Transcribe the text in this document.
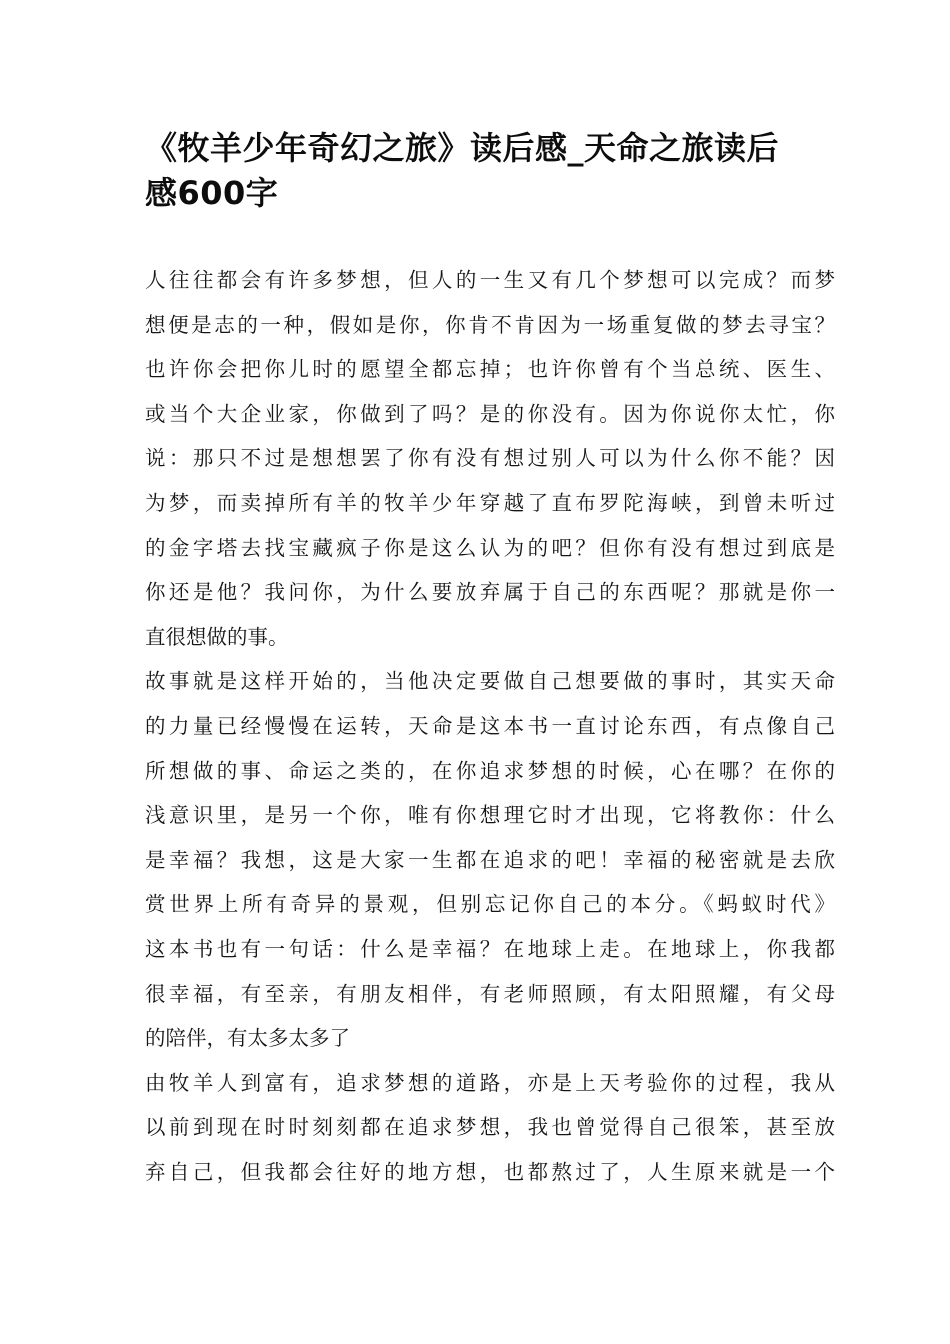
《牧羊少年奇幻之旅》读后感_天命之旅读后
感600字
人往往都会有许多梦想，但人的一生又有几个梦想可以完成？而梦
想便是志的一种，假如是你，你肯不肯因为一场重复做的梦去寻宝？
也许你会把你儿时的愿望全都忘掉；也许你曾有个当总统、医生、
或当个大企业家，你做到了吗？是的你没有。因为你说你太忙，你
说：那只不过是想想罢了你有没有想过别人可以为什么你不能？因
为梦，而卖掉所有羊的牧羊少年穿越了直布罗陀海峡，到曾未听过
的金字塔去找宝藏疯子你是这么认为的吧？但你有没有想过到底是
你还是他？我问你，为什么要放弃属于自己的东西呢？那就是你一
直很想做的事。
故事就是这样开始的，当他决定要做自己想要做的事时，其实天命
的力量已经慢慢在运转，天命是这本书一直讨论东西，有点像自己
所想做的事、命运之类的，在你追求梦想的时候，心在哪？在你的
浅意识里，是另一个你，唯有你想理它时才出现，它将教你：什么
是幸福？我想，这是大家一生都在追求的吧！幸福的秘密就是去欣
赏世界上所有奇异的景观，但别忘记你自己的本分。《蚂蚁时代》
这本书也有一句话：什么是幸福？在地球上走。在地球上，你我都
很幸福，有至亲，有朋友相伴，有老师照顾，有太阳照耀，有父母
的陪伴，有太多太多了
由牧羊人到富有，追求梦想的道路，亦是上天考验你的过程，我从
以前到现在时时刻刻都在追求梦想，我也曾觉得自己很笨，甚至放
弃自己，但我都会往好的地方想，也都熬过了，人生原来就是一个
